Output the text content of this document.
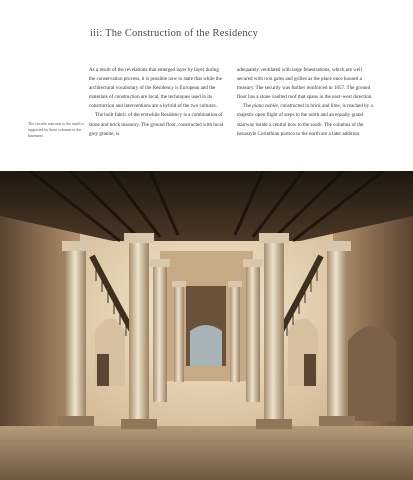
iii: The Construction of the Residency
The circular staircase to the south is supported by these columns in the basement.

As a result of the revelations that emerged layer by layer during the conservation process, it is possible now to state that while the architectural vocabulary of the Residency is European and the materials of construction are local, the techniques used in its construction and interventions are a hybrid of the two cultures.

The built fabric of the erstwhile Residency is a combination of stone and brick masonry. The ground floor, constructed with local grey granite, is

adequately ventilated with large fenestrations, which are well secured with iron gates and grilles as the place once housed a treasury. The security was further reinforced in 1857. The ground floor has a stone vaulted roof that spans in the east–west direction.

The piano nobile, constructed in brick and lime, is reached by a majestic open flight of steps to the north and an equally grand stairway inside a central bow to the south. The columns of the hexastyle Corinthian portico to the north are a later addition
